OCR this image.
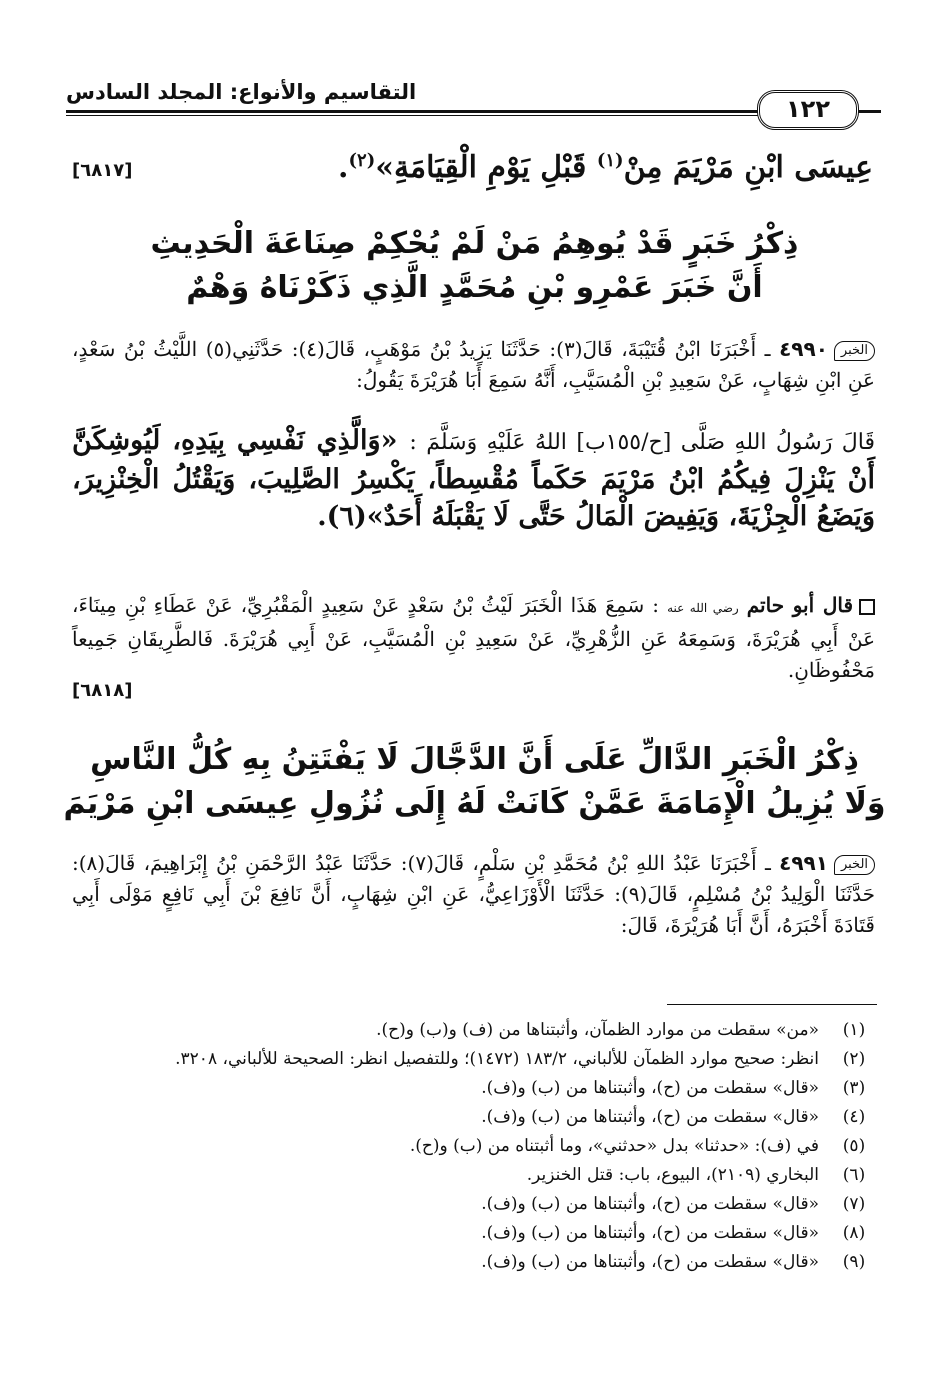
١٢٢
التقاسيم والأنواع: المجلد السادس
[٦٨١٧]	عِيسَى ابْنِ مَرْيَمَ مِنْ$^{(١)}$ قَبْلِ يَوْمِ الْقِيَامَةِ»$^{(٢)}$.
ذِكْرُ خَبَرٍ قَدْ يُوهِمُ مَنْ لَمْ يُحْكِمْ صِنَاعَةَ الْحَدِيثِ
أَنَّ خَبَرَ عَمْرِو بْنِ مُحَمَّدٍ الَّذِي ذَكَرْنَاهُ وَهْمٌ
الخبر٤٩٩٠ ـ أَخْبَرَنَا ابْنُ قُتَيْبَةَ، قَالَ(٣): حَدَّثَنَا يَزِيدُ بْنُ مَوْهَبٍ، قَالَ(٤): حَدَّثَنِي(٥) اللَّيْثُ بْنُ سَعْدٍ، عَنِ ابْنِ شِهَابٍ، عَنْ سَعِيدِ بْنِ الْمُسَيَّبِ، أَنَّهُ سَمِعَ أَبَا هُرَيْرَةَ يَقُولُ:
قَالَ رَسُولُ اللهِ صَلَّى [ح/١٥٥ب] اللهُ عَلَيْهِ وَسَلَّمَ : «وَالَّذِي نَفْسِي بِيَدِهِ، لَيُوشِكَنَّ أَنْ يَنْزِلَ فِيكُمُ ابْنُ مَرْيَمَ حَكَماً مُقْسِطاً، يَكْسِرُ الصَّلِيبَ، وَيَقْتُلُ الْخِنْزِيرَ، وَيَضَعُ الْجِزْيَةَ، وَيَفِيضَ الْمَالُ حَتَّى لَا يَقْبَلَهُ أَحَدٌ»(٦).
قال أبو حاتم رضي الله عنه : سَمِعَ هَذَا الْخَبَرَ لَيْثُ بْنُ سَعْدٍ عَنْ سَعِيدٍ الْمَقْبُرِيِّ، عَنْ عَطَاءِ بْنِ مِينَاءَ، عَنْ أَبِي هُرَيْرَةَ، وَسَمِعَهُ عَنِ الزُّهْرِيِّ، عَنْ سَعِيدِ بْنِ الْمُسَيَّبِ، عَنْ أَبِي هُرَيْرَةَ. فَالطَّرِيقَانِ جَمِيعاً مَحْفُوظَانِ.
[٦٨١٨]
ذِكْرُ الْخَبَرِ الدَّالِّ عَلَى أَنَّ الدَّجَّالَ لَا يَفْتَتِنُ بِهِ كُلُّ النَّاسِ
وَلَا يُزِيلُ الْإِمَامَةَ عَمَّنْ كَانَتْ لَهُ إِلَى نُزُولِ عِيسَى ابْنِ مَرْيَمَ
الخبر٤٩٩١ ـ أَخْبَرَنَا عَبْدُ اللهِ بْنُ مُحَمَّدِ بْنِ سَلْمٍ، قَالَ(٧): حَدَّثَنَا عَبْدُ الرَّحْمَنِ بْنُ إِبْرَاهِيمَ، قَالَ(٨): حَدَّثَنَا الْوَلِيدُ بْنُ مُسْلِمٍ، قَالَ(٩): حَدَّثَنَا الْأَوْزَاعِيُّ، عَنِ ابْنِ شِهَابٍ، أَنَّ نَافِعَ بْنَ أَبِي نَافِعٍ مَوْلَى أَبِي قَتَادَةَ أَخْبَرَهُ، أَنَّ أَبَا هُرَيْرَةَ، قَالَ:
(١)
«من» سقطت من موارد الظمآن، وأثبتناها من (ف) و(ب) و(ح).
(٢)
انظر: صحيح موارد الظمآن للألباني، ١٨٣/٢ (١٤٧٢)؛ وللتفصيل انظر: الصحيحة للألباني، ٣٢٠٨.
(٣)
«قال» سقطت من (ح)، وأثبتناها من (ب) و(ف).
(٤)
«قال» سقطت من (ح)، وأثبتناها من (ب) و(ف).
(٥)
في (ف): «حدثنا» بدل «حدثني»، وما أثبتناه من (ب) و(ح).
(٦)
البخاري (٢١٠٩)، البيوع، باب: قتل الخنزير.
(٧)
«قال» سقطت من (ح)، وأثبتناها من (ب) و(ف).
(٨)
«قال» سقطت من (ح)، وأثبتناها من (ب) و(ف).
(٩)
«قال» سقطت من (ح)، وأثبتناها من (ب) و(ف).
